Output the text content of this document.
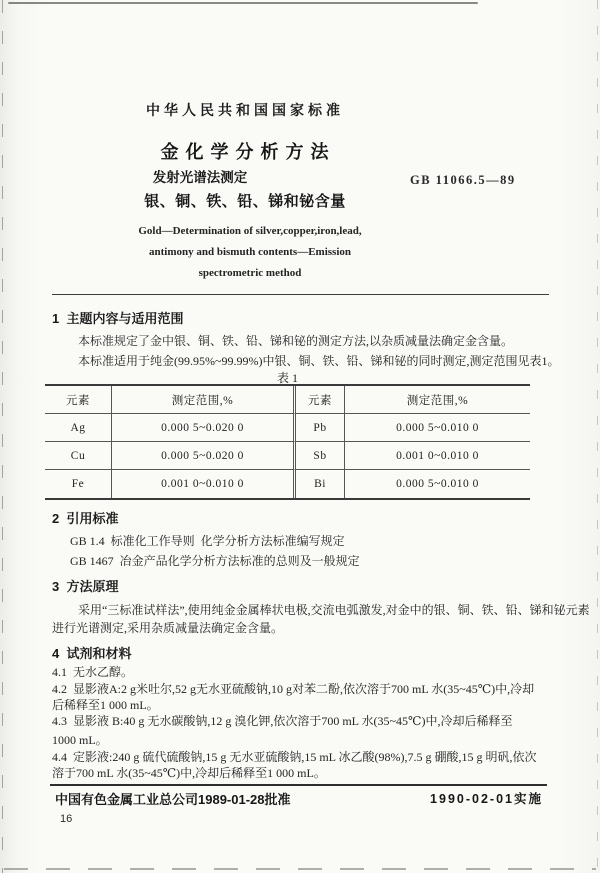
中华人民共和国国家标准
金 化 学 分 析 方 法
发射光谱法测定
银、铜、铁、铅、锑和铋含量
GB 11066.5—89
Gold—Determination of silver,copper,iron,lead,
antimony and bismuth contents—Emission
spectrometric method
1  主题内容与适用范围
本标准规定了金中银、铜、铁、铅、锑和铋的测定方法,以杂质减量法确定金含量。
本标准适用于纯金(99.95%~99.99%)中银、铜、铁、铅、锑和铋的同时测定,测定范围见表1。
表 1
元素	测定范围,%	元素	测定范围,%
Ag	0.000 5~0.020 0	Pb	0.000 5~0.010 0
Cu	0.000 5~0.020 0	Sb	0.001 0~0.010 0
Fe	0.001 0~0.010 0	Bi	0.000 5~0.010 0
2  引用标准
GB 1.4  标准化工作导则  化学分析方法标准编写规定
GB 1467  冶金产品化学分析方法标准的总则及一般规定
3  方法原理
采用“三标准试样法”,使用纯金金属棒状电极,交流电弧激发,对金中的银、铜、铁、铅、锑和铋元素
进行光谱测定,采用杂质减量法确定金含量。
4  试剂和材料
4.1  无水乙醇。
4.2  显影液A:2 g米吐尔,52 g无水亚硫酸钠,10 g对苯二酚,依次溶于700 mL 水(35~45℃)中,冷却
后稀释至1 000 mL。
4.3  显影液 B:40 g 无水碳酸钠,12 g 溴化钾,依次溶于700 mL 水(35~45℃)中,冷却后稀释至
1000 mL。
4.4  定影液:240 g 硫代硫酸钠,15 g 无水亚硫酸钠,15 mL 冰乙酸(98%),7.5 g 硼酸,15 g 明矾,依次
溶于700 mL 水(35~45℃)中,冷却后稀释至1 000 mL。
中国有色金属工业总公司1989-01-28批准	1990-02-01实施
16
